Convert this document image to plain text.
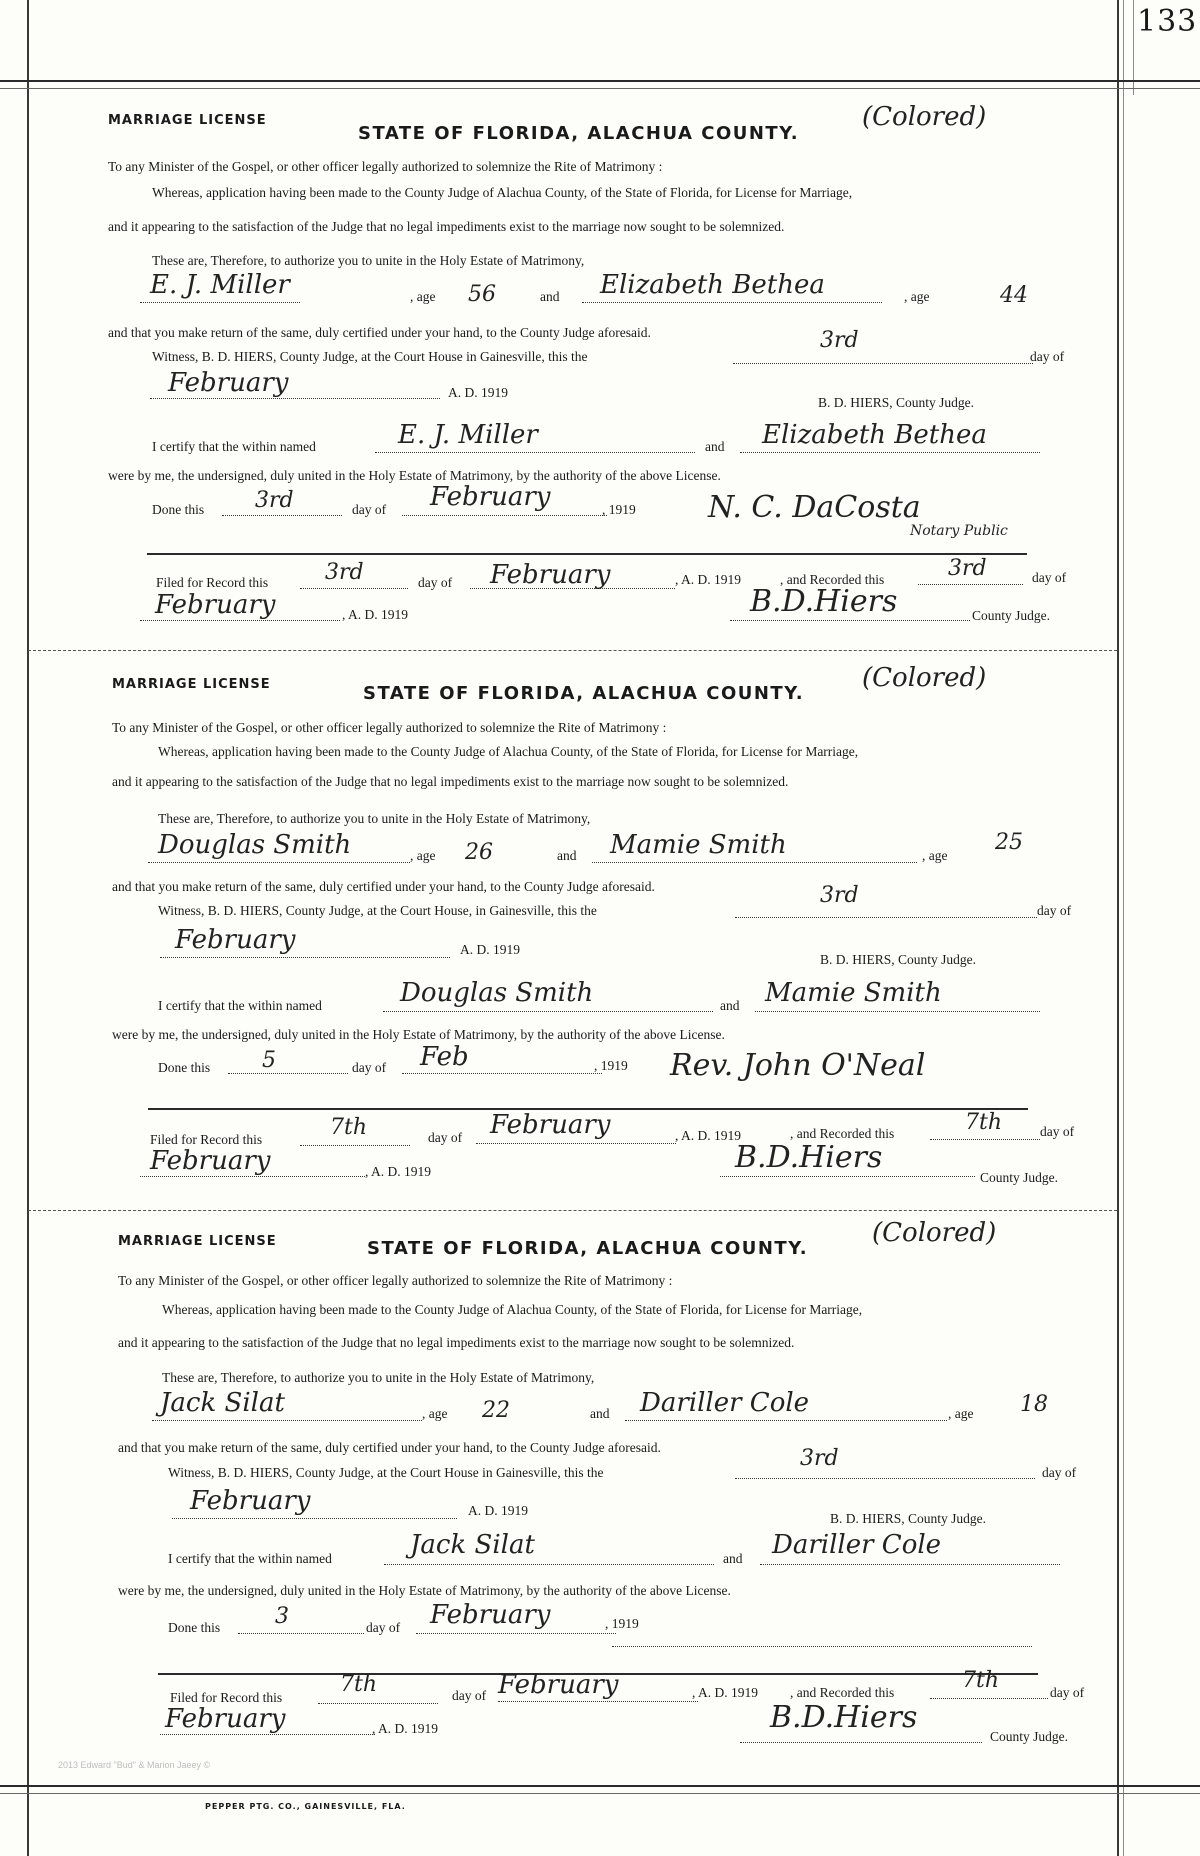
133
MARRIAGE LICENSE
STATE OF FLORIDA, ALACHUA COUNTY.
(Colored)
To any Minister of the Gospel, or other officer legally authorized to solemnize the Rite of Matrimony :
Whereas, application having been made to the County Judge of Alachua County, of the State of Florida, for License for Marriage,
and it appearing to the satisfaction of the Judge that no legal impediments exist to the marriage now sought to be solemnized.
These are, Therefore, to authorize you to unite in the Holy Estate of Matrimony,
E. J. Miller	, age 56	and Elizabeth Bethea	, age	44
and that you make return of the same, duly certified under your hand, to the County Judge aforesaid.
Witness, B. D. HIERS, County Judge, at the Court House in Gainesville, this the
3rd
day of
February	A. D. 1919
B. D. HIERS, County Judge.
I certify that the within named	E. J. Miller	and Elizabeth Bethea
were by me, the undersigned, duly united in the Holy Estate of Matrimony, by the authority of the above License.
Done this 3rd	day of February	, 1919 N. C. DaCosta
Notary Public
Filed for Record this	3rd	day of February	, A. D. 1919	, and Recorded this	3rd	day of
February	, A. D. 1919	B.D.Hiers	County Judge.
MARRIAGE LICENSE	STATE OF FLORIDA, ALACHUA COUNTY.
(Colored)
To any Minister of the Gospel, or other officer legally authorized to solemnize the Rite of Matrimony :
Whereas, application having been made to the County Judge of Alachua County, of the State of Florida, for License for Marriage,
and it appearing to the satisfaction of the Judge that no legal impediments exist to the marriage now sought to be solemnized.
These are, Therefore, to authorize you to unite in the Holy Estate of Matrimony,
Douglas Smith	, age 26	and Mamie Smith	, age
25
and that you make return of the same, duly certified under your hand, to the County Judge aforesaid.
Witness, B. D. HIERS, County Judge, at the Court House, in Gainesville, this the
3rd
day of
February	A. D. 1919
B. D. HIERS, County Judge.
I certify that the within named	Douglas Smith	and Mamie Smith
were by me, the undersigned, duly united in the Holy Estate of Matrimony, by the authority of the above License.
Done this 5	day of Feb	, 1919 Rev. John O'Neal
Filed for Record this	7th	day of February	, A. D. 1919	, and Recorded this	7th	day of
February	, A. D. 1919	B.D.Hiers
County Judge.
MARRIAGE LICENSE	STATE OF FLORIDA, ALACHUA COUNTY.
(Colored)
To any Minister of the Gospel, or other officer legally authorized to solemnize the Rite of Matrimony :
Whereas, application having been made to the County Judge of Alachua County, of the State of Florida, for License for Marriage,
and it appearing to the satisfaction of the Judge that no legal impediments exist to the marriage now sought to be solemnized.
These are, Therefore, to authorize you to unite in the Holy Estate of Matrimony,
Jack Silat	, age 22	and Dariller Cole	, age 18
and that you make return of the same, duly certified under your hand, to the County Judge aforesaid.
Witness, B. D. HIERS, County Judge, at the Court House in Gainesville, this the
3rd
day of
February	A. D. 1919
B. D. HIERS, County Judge.
I certify that the within named	Jack Silat	and Dariller Cole
were by me, the undersigned, duly united in the Holy Estate of Matrimony, by the authority of the above License.
Done this 3	day of February	, 1919
Filed for Record this
7th	day of February	, A. D. 1919 , and Recorded this	7th	day of
February	, A. D. 1919	B.D.Hiers
County Judge.
2013 Edward "Bud" & Marion Jaeey ©
PEPPER PTG. CO., GAINESVILLE, FLA.
